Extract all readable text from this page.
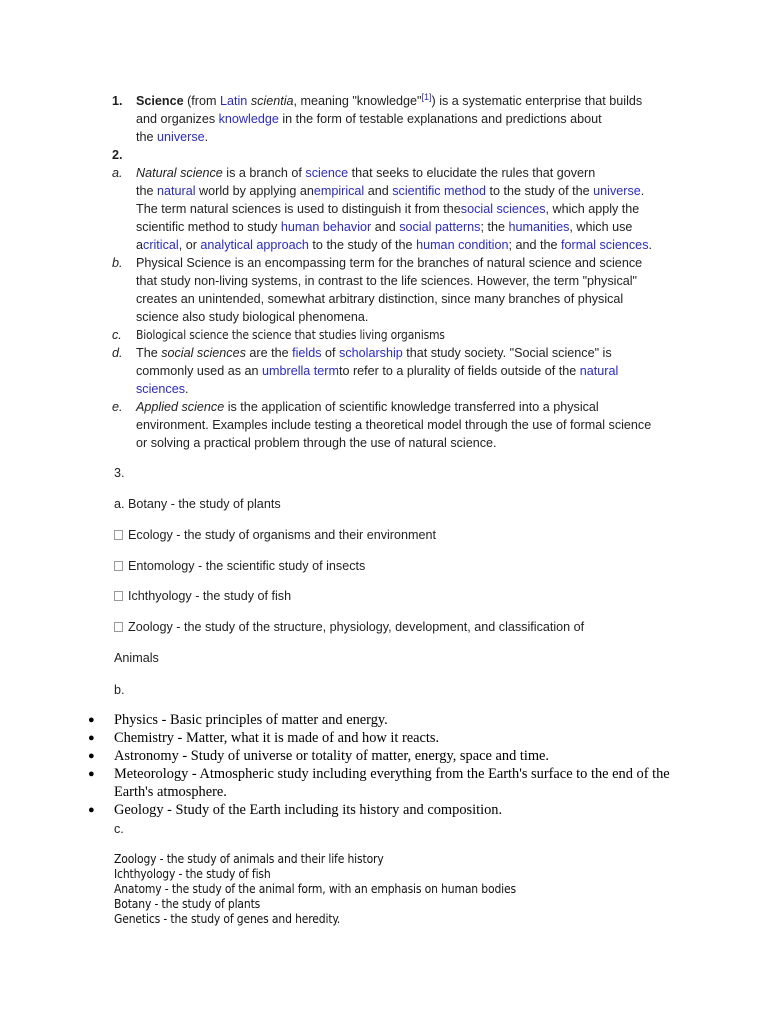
1.	Science (from Latin scientia, meaning "knowledge"[1]) is a systematic enterprise that builds
and organizes knowledge in the form of testable explanations and predictions about
the universe.
2.
a.	Natural science is a branch of science that seeks to elucidate the rules that govern
the natural world by applying anempirical and scientific method to the study of the universe.
The term natural sciences is used to distinguish it from thesocial sciences, which apply the
scientific method to study human behavior and social patterns; the humanities, which use
acritical, or analytical approach to the study of the human condition; and the formal sciences.
b.	Physical Science is an encompassing term for the branches of natural science and science
that study non-living systems, in contrast to the life sciences. However, the term "physical"
creates an unintended, somewhat arbitrary distinction, since many branches of physical
science also study biological phenomena.
c.	Biological science the science that studies living organisms
d.	The social sciences are the fields of scholarship that study society. "Social science" is
commonly used as an umbrella termto refer to a plurality of fields outside of the natural
sciences.
e.	Applied science is the application of scientific knowledge transferred into a physical
environment. Examples include testing a theoretical model through the use of formal science
or solving a practical problem through the use of natural science.
3.
a. Botany - the study of plants
Ecology - the study of organisms and their environment
Entomology - the scientific study of insects
Ichthyology - the study of fish
Zoology - the study of the structure, physiology, development, and classification of
Animals
b.
●	Physics - Basic principles of matter and energy.
●	Chemistry - Matter, what it is made of and how it reacts.
●	Astronomy - Study of universe or totality of matter, energy, space and time.
●	Meteorology - Atmospheric study including everything from the Earth's surface to the end of the Earth's atmosphere.
●	Geology - Study of the Earth including its history and composition.
c.
Zoology - the study of animals and their life history
Ichthyology - the study of fish
Anatomy - the study of the animal form, with an emphasis on human bodies
Botany - the study of plants
Genetics - the study of genes and heredity.
